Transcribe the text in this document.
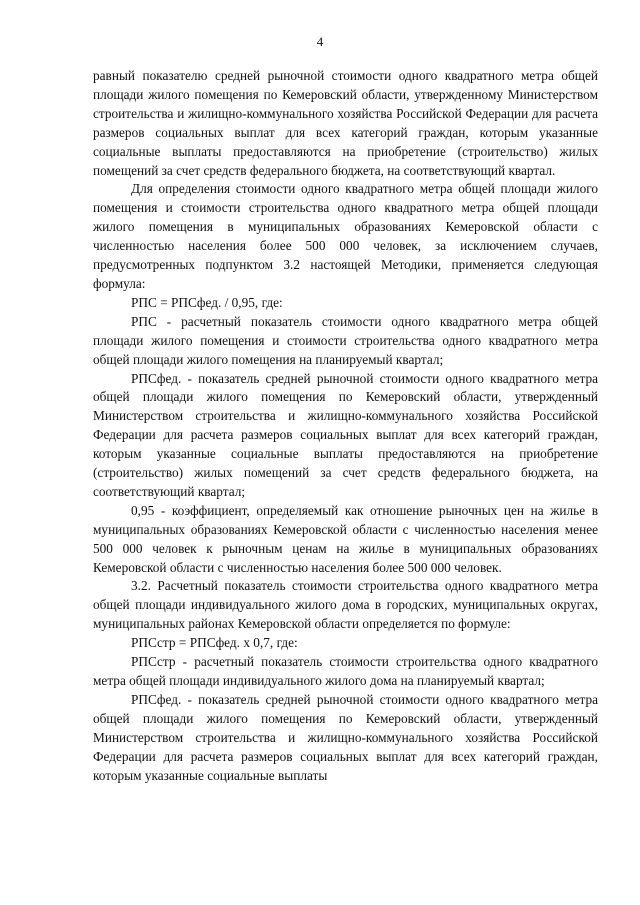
4

равный показателю средней рыночной стоимости одного квадратного метра общей площади жилого помещения по Кемеровский области, утвержденному Министерством строительства и жилищно-коммунального хозяйства Российской Федерации для расчета размеров социальных выплат для всех категорий граждан, которым указанные социальные выплаты предоставляются на приобретение (строительство) жилых помещений за счет средств федерального бюджета, на соответствующий квартал.

Для определения стоимости одного квадратного метра общей площади жилого помещения и стоимости строительства одного квадратного метра общей площади жилого помещения в муниципальных образованиях Кемеровской области с численностью населения более 500 000 человек, за исключением случаев, предусмотренных подпунктом 3.2 настоящей Методики, применяется следующая формула:

РПС = РПСфед. / 0,95, где:

РПС - расчетный показатель стоимости одного квадратного метра общей площади жилого помещения и стоимости строительства одного квадратного метра общей площади жилого помещения на планируемый квартал;

РПСфед. - показатель средней рыночной стоимости одного квадратного метра общей площади жилого помещения по Кемеровский области, утвержденный Министерством строительства и жилищно-коммунального хозяйства Российской Федерации для расчета размеров социальных выплат для всех категорий граждан, которым указанные социальные выплаты предоставляются на приобретение (строительство) жилых помещений за счет средств федерального бюджета, на соответствующий квартал;

0,95 - коэффициент, определяемый как отношение рыночных цен на жилье в муниципальных образованиях Кемеровской области с численностью населения менее 500 000 человек к рыночным ценам на жилье в муниципальных образованиях Кемеровской области с численностью населения более 500 000 человек.

3.2. Расчетный показатель стоимости строительства одного квадратного метра общей площади индивидуального жилого дома в городских, муниципальных округах, муниципальных районах Кемеровской области определяется по формуле:

РПСстр = РПСфед. x 0,7, где:

РПСстр - расчетный показатель стоимости строительства одного квадратного метра общей площади индивидуального жилого дома на планируемый квартал;

РПСфед. - показатель средней рыночной стоимости одного квадратного метра общей площади жилого помещения по Кемеровский области, утвержденный Министерством строительства и жилищно-коммунального хозяйства Российской Федерации для расчета размеров социальных выплат для всех категорий граждан, которым указанные социальные выплаты
